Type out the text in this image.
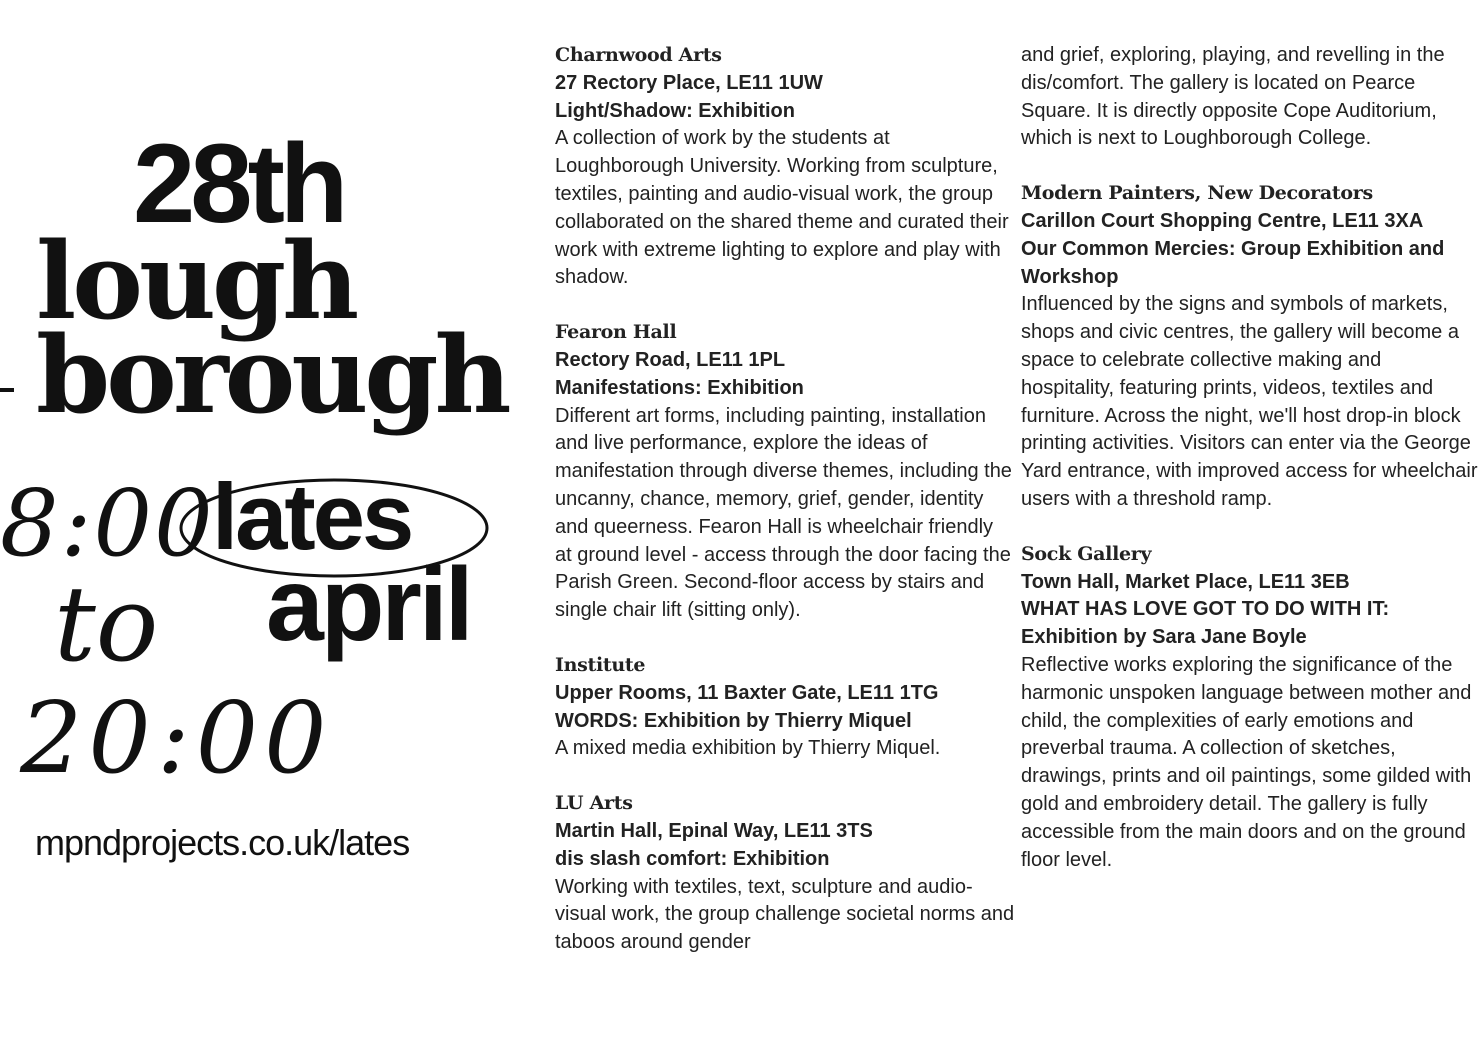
28th
lough
borough
8:00
lates
to april
20:00
mpndprojects.co.uk/lates
Charnwood Arts
27 Rectory Place, LE11 1UW
Light/Shadow: Exhibition
A collection of work by the students at Loughborough University. Working from sculpture, textiles, painting and audio-visual work, the group collaborated on the shared theme and curated their work with extreme lighting to explore and play with shadow.
Fearon Hall
Rectory Road, LE11 1PL
Manifestations: Exhibition
Different art forms, including painting, installation and live performance, explore the ideas of manifestation through diverse themes, including the uncanny, chance, memory, grief, gender, identity and queerness. Fearon Hall is wheelchair friendly at ground level - access through the door facing the Parish Green. Second-floor access by stairs and single chair lift (sitting only).
Institute
Upper Rooms, 11 Baxter Gate, LE11 1TG
WORDS: Exhibition by Thierry Miquel
A mixed media exhibition by Thierry Miquel.
LU Arts
Martin Hall, Epinal Way, LE11 3TS
dis slash comfort: Exhibition
Working with textiles, text, sculpture and audio-visual work, the group challenge societal norms and taboos around gender
and grief, exploring, playing, and revelling in the dis/comfort. The gallery is located on Pearce Square. It is directly opposite Cope Auditorium, which is next to Loughborough College.
Modern Painters, New Decorators
Carillon Court Shopping Centre, LE11 3XA
Our Common Mercies: Group Exhibition and Workshop
Influenced by the signs and symbols of markets, shops and civic centres, the gallery will become a space to celebrate collective making and hospitality, featuring prints, videos, textiles and furniture. Across the night, we'll host drop-in block printing activities. Visitors can enter via the George Yard entrance, with improved access for wheelchair users with a threshold ramp.
Sock Gallery
Town Hall, Market Place, LE11 3EB
WHAT HAS LOVE GOT TO DO WITH IT: Exhibition by Sara Jane Boyle
Reflective works exploring the significance of the harmonic unspoken language between mother and child, the complexities of early emotions and preverbal trauma. A collection of sketches, drawings, prints and oil paintings, some gilded with gold and embroidery detail. The gallery is fully accessible from the main doors and on the ground floor level.
